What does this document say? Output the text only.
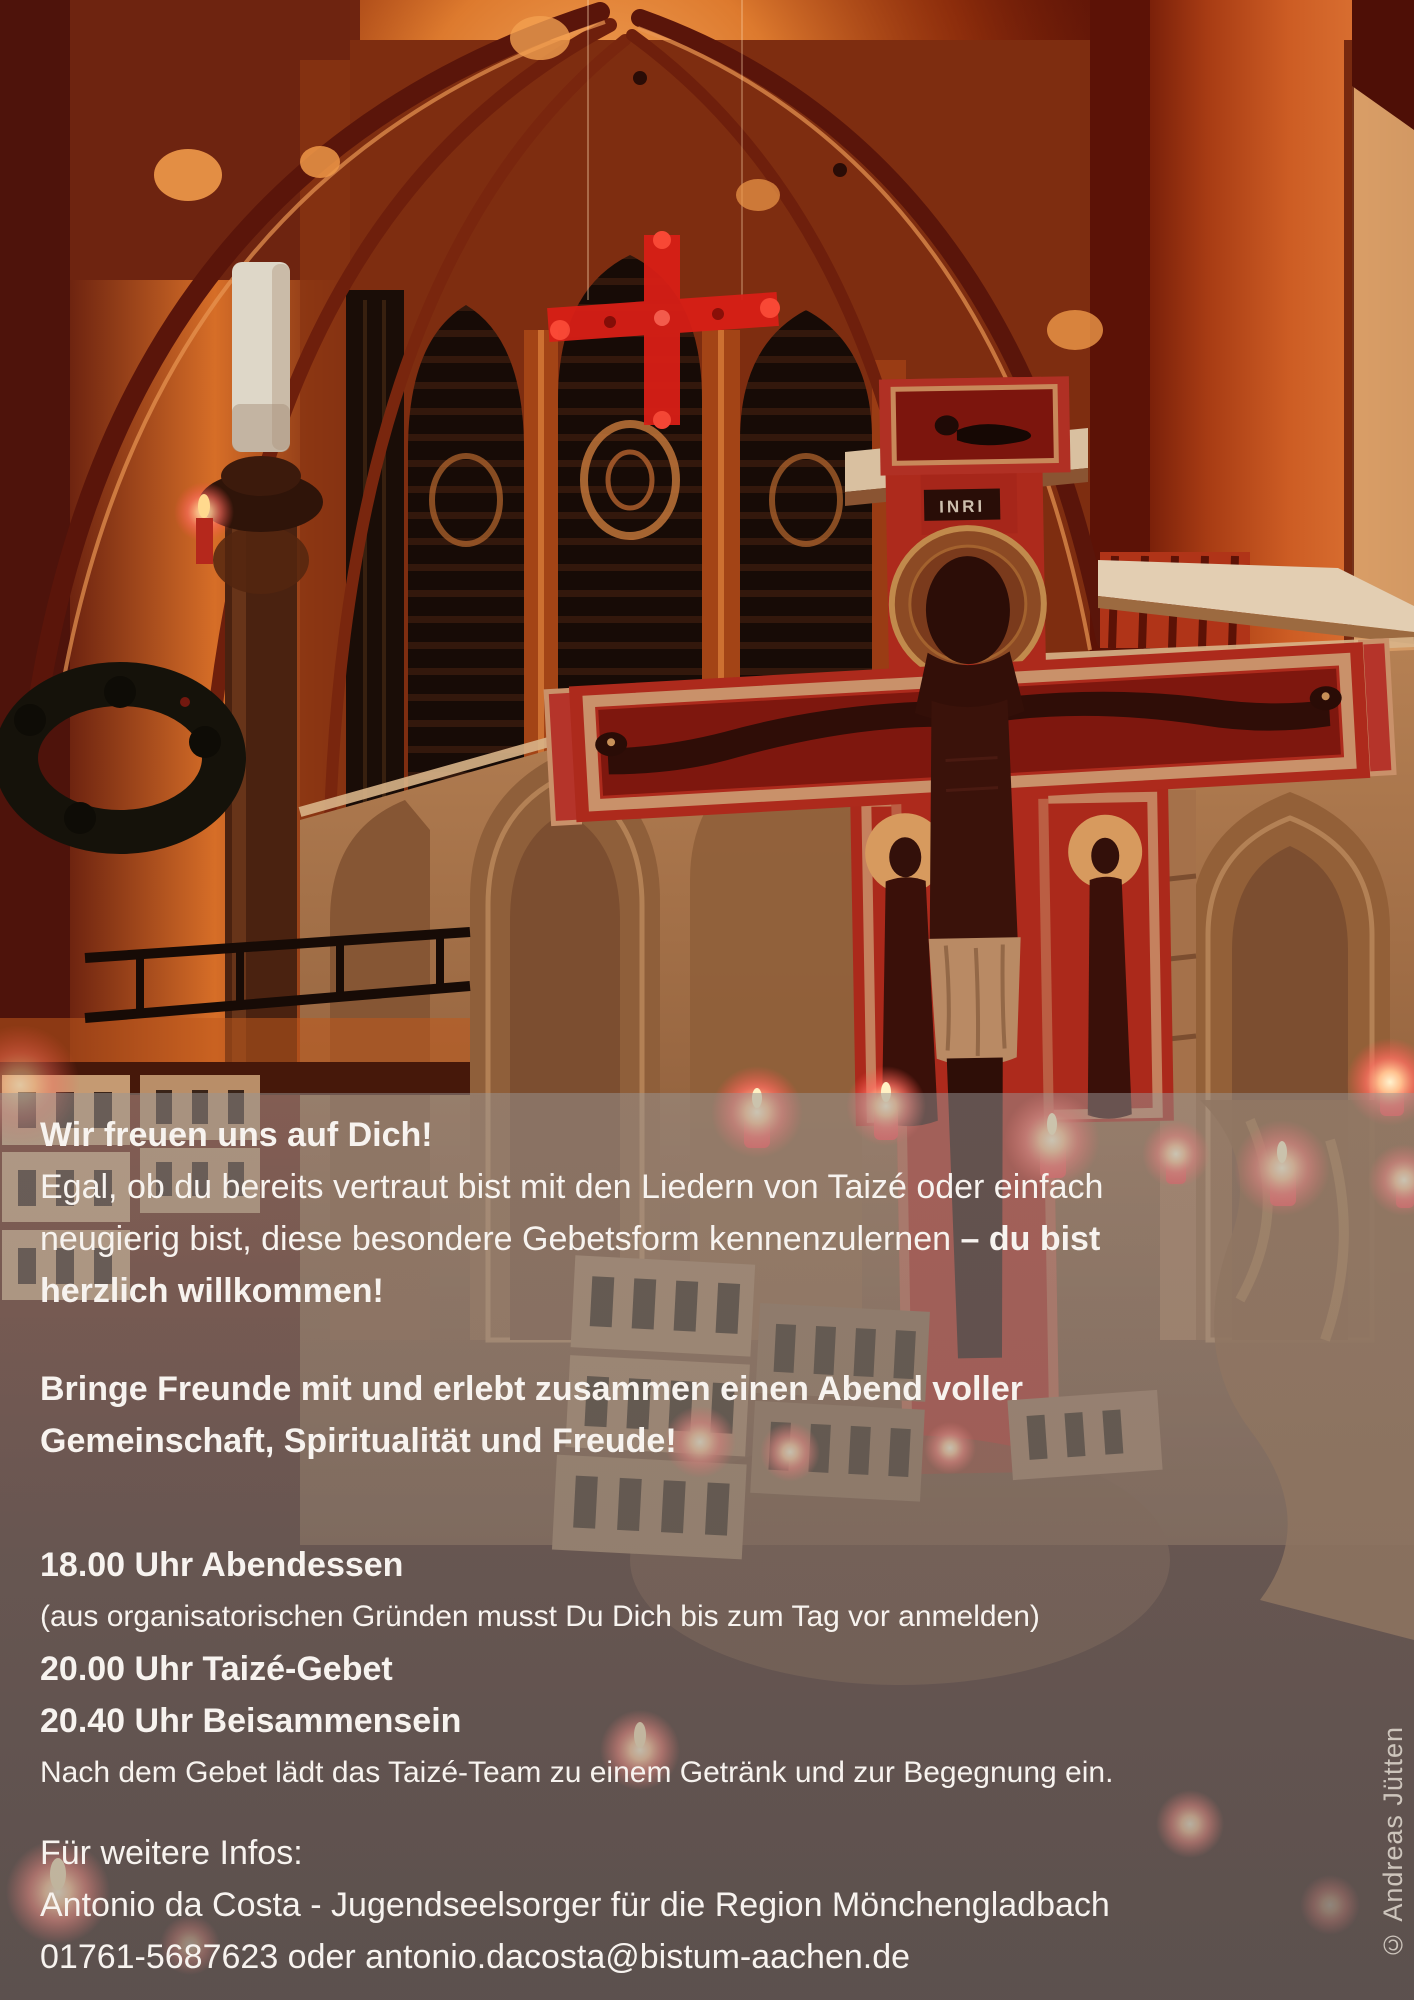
INRI
Wir freuen uns auf Dich!
Egal, ob du bereits vertraut bist mit den Liedern von Taizé oder einfach
neugierig bist, diese besondere Gebetsform kennenzulernen – du bist
herzlich willkommen!
Bringe Freunde mit und erlebt zusammen einen Abend voller
Gemeinschaft, Spiritualität und Freude!
18.00 Uhr Abendessen
(aus organisatorischen Gründen musst Du Dich bis zum Tag vor anmelden)
20.00 Uhr Taizé-Gebet
20.40 Uhr Beisammensein
Nach dem Gebet lädt das Taizé-Team zu einem Getränk und zur Begegnung ein.
Für weitere Infos:
Antonio da Costa - Jugendseelsorger für die Region Mönchengladbach
01761-5687623 oder antonio.dacosta@bistum-aachen.de	© Andreas Jütten
